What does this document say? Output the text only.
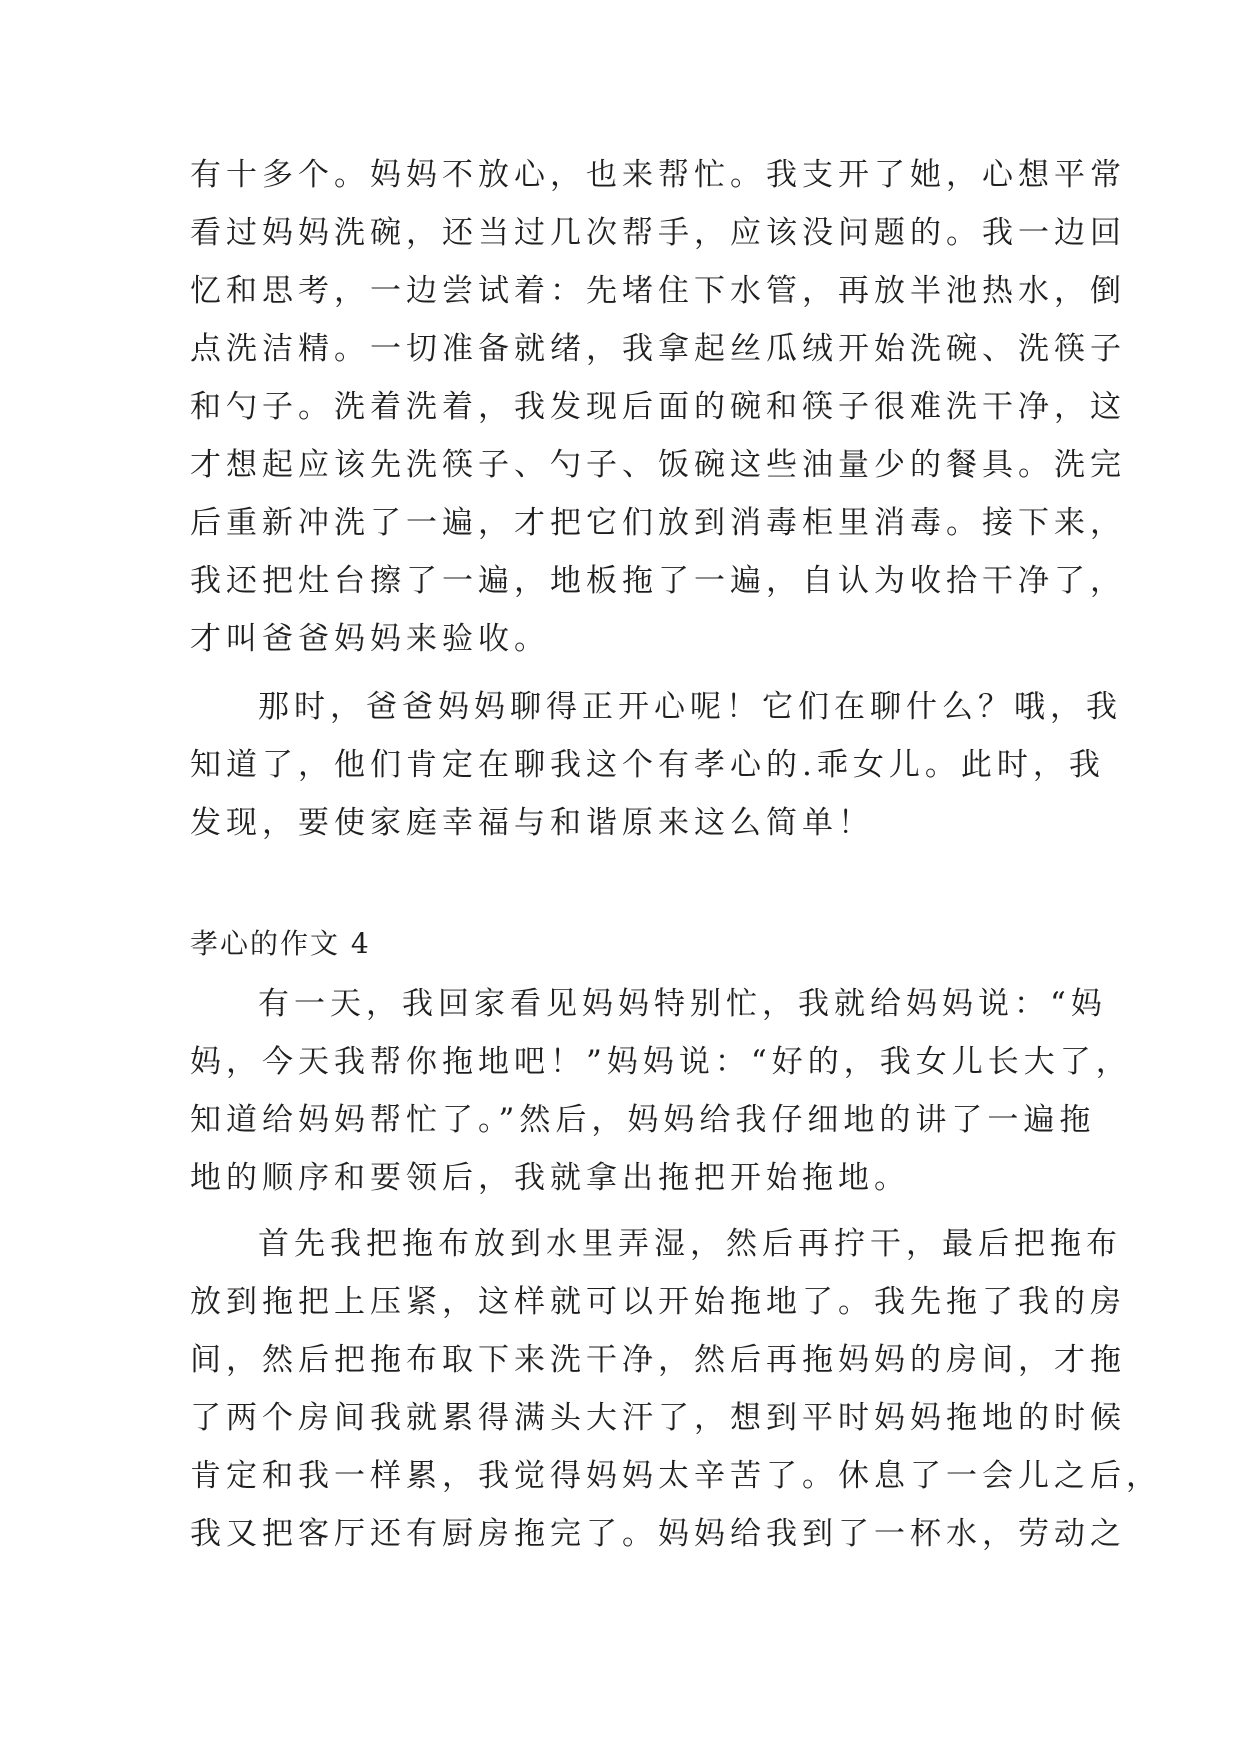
有十多个。妈妈不放心，也来帮忙。我支开了她，心想平常
看过妈妈洗碗，还当过几次帮手，应该没问题的。我一边回
忆和思考，一边尝试着：先堵住下水管，再放半池热水，倒
点洗洁精。一切准备就绪，我拿起丝瓜绒开始洗碗、洗筷子
和勺子。洗着洗着，我发现后面的碗和筷子很难洗干净，这
才想起应该先洗筷子、勺子、饭碗这些油量少的餐具。洗完
后重新冲洗了一遍，才把它们放到消毒柜里消毒。接下来，
我还把灶台擦了一遍，地板拖了一遍，自认为收拾干净了，
才叫爸爸妈妈来验收。
那时，爸爸妈妈聊得正开心呢！它们在聊什么？哦，我
知道了，他们肯定在聊我这个有孝心的.乖女儿。此时，我
发现，要使家庭幸福与和谐原来这么简单！
孝心的作文 4
有一天，我回家看见妈妈特别忙，我就给妈妈说：“妈
妈，今天我帮你拖地吧！”妈妈说：“好的，我女儿长大了，
知道给妈妈帮忙了。”然后，妈妈给我仔细地的讲了一遍拖
地的顺序和要领后，我就拿出拖把开始拖地。
首先我把拖布放到水里弄湿，然后再拧干，最后把拖布
放到拖把上压紧，这样就可以开始拖地了。我先拖了我的房
间，然后把拖布取下来洗干净，然后再拖妈妈的房间，才拖
了两个房间我就累得满头大汗了，想到平时妈妈拖地的时候
肯定和我一样累，我觉得妈妈太辛苦了。休息了一会儿之后，
我又把客厅还有厨房拖完了。妈妈给我到了一杯水，劳动之
